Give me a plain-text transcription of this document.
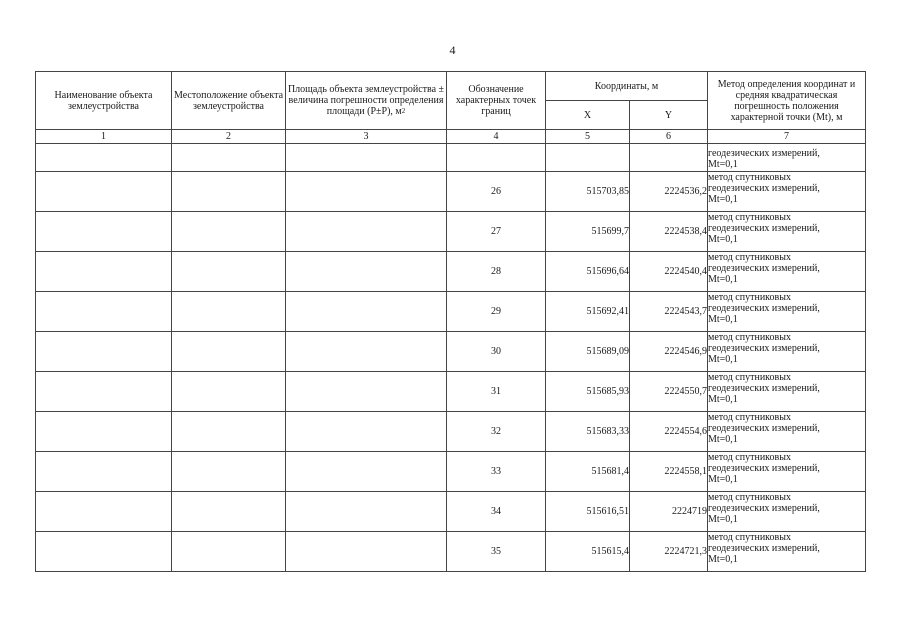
4
Наименование объекта землеустройства	Местоположение объекта землеустройства	Площадь объекта землеустройства ± величина погрешности определения площади (P±P), $м^2$	Обозначение характерных точек границ	Координаты, м		Метод определения координат и средняя квадратическая погрешность положения характерной точки (Mt), м
				X	Y	
1	2	3	4	5	6	7

						геодезических измерений,
Mt=0,1

			26	515703,85	2224536,2	метод спутниковых
геодезических измерений,
Mt=0,1

			27	515699,7	2224538,4	метод спутниковых
геодезических измерений,
Mt=0,1

			28	515696,64	2224540,4	метод спутниковых
геодезических измерений,
Mt=0,1

			29	515692,41	2224543,7	метод спутниковых
геодезических измерений,
Mt=0,1

			30	515689,09	2224546,9	метод спутниковых
геодезических измерений,
Mt=0,1

			31	515685,93	2224550,7	метод спутниковых
геодезических измерений,
Mt=0,1

			32	515683,33	2224554,6	метод спутниковых
геодезических измерений,
Mt=0,1

			33	515681,4	2224558,1	метод спутниковых
геодезических измерений,
Mt=0,1

			34	515616,51	2224719	метод спутниковых
геодезических измерений,
Mt=0,1

			35	515615,4	2224721,3	метод спутниковых
геодезических измерений,
Mt=0,1
